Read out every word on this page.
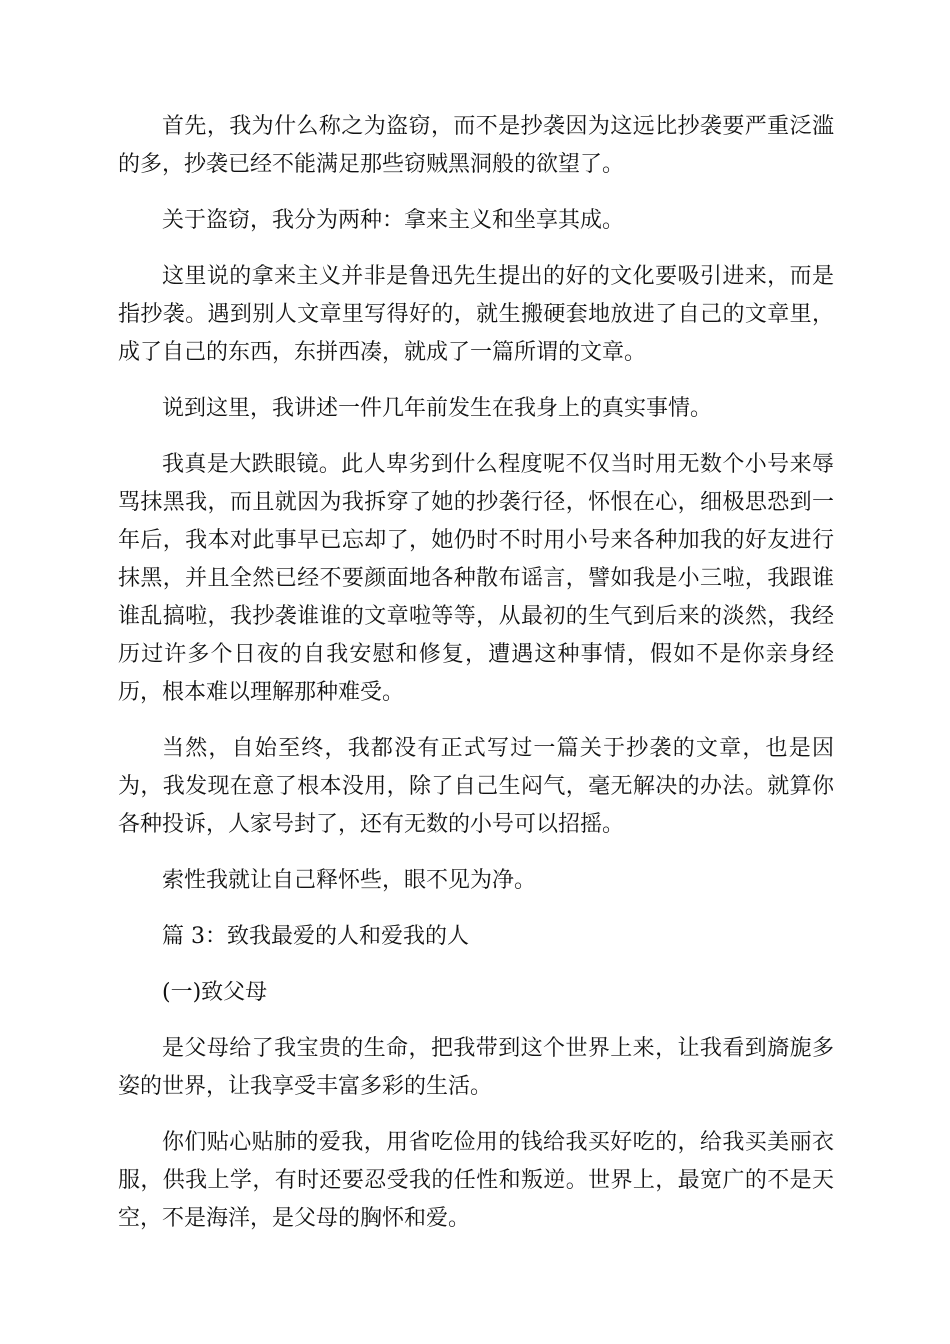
首先，我为什么称之为盗窃，而不是抄袭因为这远比抄袭要严重泛滥的多，抄袭已经不能满足那些窃贼黑洞般的欲望了。

关于盗窃，我分为两种：拿来主义和坐享其成。

这里说的拿来主义并非是鲁迅先生提出的好的文化要吸引进来，而是指抄袭。遇到别人文章里写得好的，就生搬硬套地放进了自己的文章里，成了自己的东西，东拼西凑，就成了一篇所谓的文章。

说到这里，我讲述一件几年前发生在我身上的真实事情。

我真是大跌眼镜。此人卑劣到什么程度呢不仅当时用无数个小号来辱骂抹黑我，而且就因为我拆穿了她的抄袭行径，怀恨在心，细极思恐到一年后，我本对此事早已忘却了，她仍时不时用小号来各种加我的好友进行抹黑，并且全然已经不要颜面地各种散布谣言，譬如我是小三啦，我跟谁谁乱搞啦，我抄袭谁谁的文章啦等等，从最初的生气到后来的淡然，我经历过许多个日夜的自我安慰和修复，遭遇这种事情，假如不是你亲身经历，根本难以理解那种难受。

当然，自始至终，我都没有正式写过一篇关于抄袭的文章，也是因为，我发现在意了根本没用，除了自己生闷气，毫无解决的办法。就算你各种投诉，人家号封了，还有无数的小号可以招摇。

索性我就让自己释怀些，眼不见为净。

篇 3：致我最爱的人和爱我的人

(一)致父母

是父母给了我宝贵的生命，把我带到这个世界上来，让我看到旖旎多姿的世界，让我享受丰富多彩的生活。

你们贴心贴肺的爱我，用省吃俭用的钱给我买好吃的，给我买美丽衣服，供我上学，有时还要忍受我的任性和叛逆。世界上，最宽广的不是天空，不是海洋，是父母的胸怀和爱。
